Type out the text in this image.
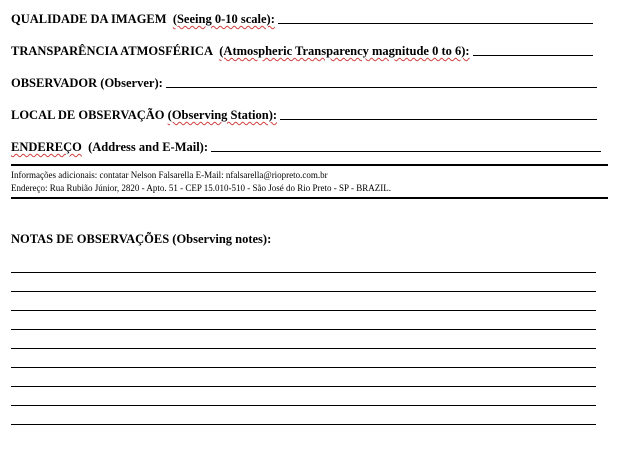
QUALIDADE DA IMAGEM (Seeing 0-10 scale):
TRANSPARÊNCIA ATMOSFÉRICA (Atmospheric Transparency magnitude 0 to 6):
OBSERVADOR (Observer):
LOCAL DE OBSERVAÇÃO (Observing Station):
ENDEREÇO (Address and E-Mail):
Informações adicionais: contatar Nelson Falsarella E-Mail: nfalsarella@riopreto.com.br
Endereço: Rua Rubião Júnior, 2820 - Apto. 51 - CEP 15.010-510 - São José do Rio Preto - SP - BRAZIL.
NOTAS DE OBSERVAÇÕES (Observing notes):
